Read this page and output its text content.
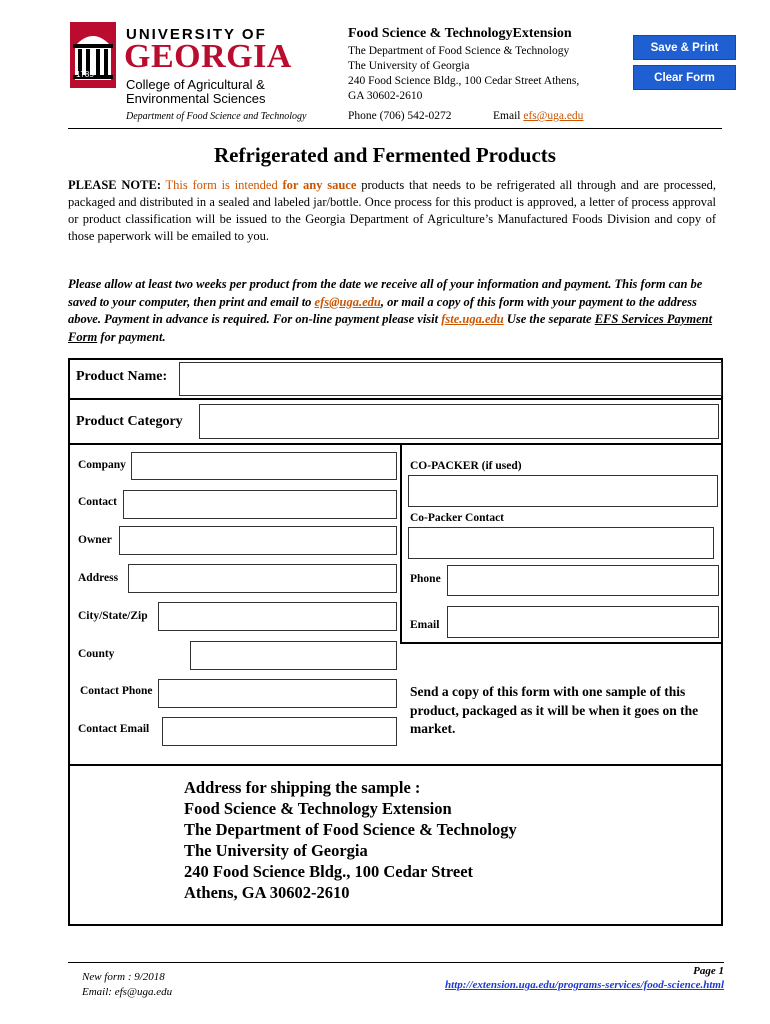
1785
UNIVERSITY OF
GEORGIA
College of Agricultural &
Environmental Sciences
Department of Food Science and Technology
Food Science & TechnologyExtension
The Department of Food Science & Technology
The University of Georgia
240 Food Science Bldg., 100 Cedar Street Athens,
GA 30602-2610
Phone (706) 542-0272	Email efs@uga.edu
Save & Print
Clear Form
Refrigerated and Fermented Products
PLEASE NOTE: This form is intended for any sauce products that needs to be refrigerated all through and are processed, packaged and distributed in a sealed and labeled jar/bottle. Once process for this product is approved, a letter of process approval or product classification will be issued to the Georgia Department of Agriculture’s Manufactured Foods Division and copy of those paperwork will be emailed to you.
Please allow at least two weeks per product from the date we receive all of your information and payment. This form can be saved to your computer, then print and email to efs@uga.edu, or mail a copy of this form with your payment to the address above. Payment in advance is required. For on-line payment please visit fste.uga.edu Use the separate EFS Services Payment Form for payment.
Product Name:
Product Category
Company
Contact
Owner
Address
City/State/Zip
County
Contact Phone
Contact Email
CO-PACKER (if used)
Co-Packer Contact
Phone
Email
Send a copy of this form with one sample of this product, packaged as it will be when it goes on the market.
Address for shipping the sample :
Food Science & Technology Extension
The Department of Food Science & Technology
The University of Georgia
240 Food Science Bldg., 100 Cedar Street
Athens, GA 30602-2610
New form : 9/2018
Email: efs@uga.edu
Page 1
http://extension.uga.edu/programs-services/food-science.html
